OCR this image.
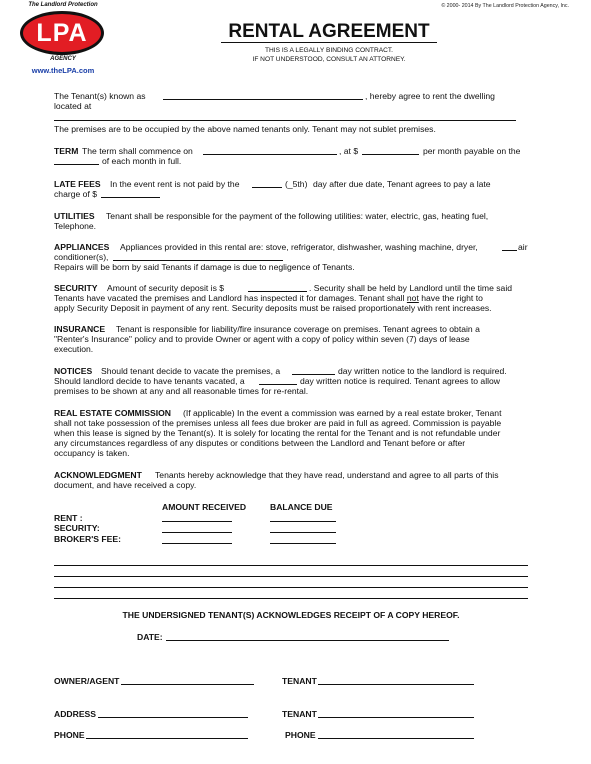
The Landlord Protection
LPA
AGENCY
www.theLPA.com
© 2000- 2014 By The Landlord Protection Agency, Inc.
RENTAL AGREEMENT
THIS IS A LEGALLY BINDING CONTRACT.
IF NOT UNDERSTOOD, CONSULT AN ATTORNEY.

The Tenant(s) known as	, hereby agree to rent the dwelling

located at

The premises are to be occupied by the above named tenants only. Tenant may not sublet premises.

TERM The term shall commence on	, at $	per month payable on the

of each month in full.

LATE FEES In the event rent is not paid by the	(_5th) day after due date, Tenant agrees to pay a late

charge of $

UTILITIES Tenant shall be responsible for the payment of the following utilities: water, electric, gas, heating fuel,

Telephone.

APPLIANCES Appliances provided in this rental are: stove, refrigerator, dishwasher, washing machine, dryer,	air

conditioner(s),

Repairs will be born by said Tenants if damage is due to negligence of Tenants.

SECURITY Amount of security deposit is $	. Security shall be held by Landlord until the time said

Tenants have vacated the premises and Landlord has inspected it for damages. Tenant shall not have the right to

apply Security Deposit in payment of any rent. Security deposits must be raised proportionately with rent increases.

INSURANCE Tenant is responsible for liability/fire insurance coverage on premises. Tenant agrees to obtain a

"Renter's Insurance" policy and to provide Owner or agent with a copy of policy within seven (7) days of lease

execution.

NOTICES Should tenant decide to vacate the premises, a	day written notice to the landlord is required.

Should landlord decide to have tenants vacated, a	day written notice is required. Tenant agrees to allow

premises to be shown at any and all reasonable times for re-rental.

REAL ESTATE COMMISSION (If applicable) In the event a commission was earned by a real estate broker, Tenant

shall not take possession of the premises unless all fees due broker are paid in full as agreed. Commission is payable

when this lease is signed by the Tenant(s). It is solely for locating the rental for the Tenant and is not refundable under

any circumstances regardless of any disputes or conditions between the Landlord and Tenant before or after

occupancy is taken.

ACKNOWLEDGMENT Tenants hereby acknowledge that they have read, understand and agree to all parts of this

document, and have received a copy.

AMOUNT RECEIVED	BALANCE DUE

RENT :

SECURITY:

BROKER'S FEE:

THE UNDERSIGNED TENANT(S) ACKNOWLEDGES RECEIPT OF A COPY HEREOF.

DATE:

OWNER/AGENT	TENANT

ADDRESS	TENANT

PHONE	PHONE
